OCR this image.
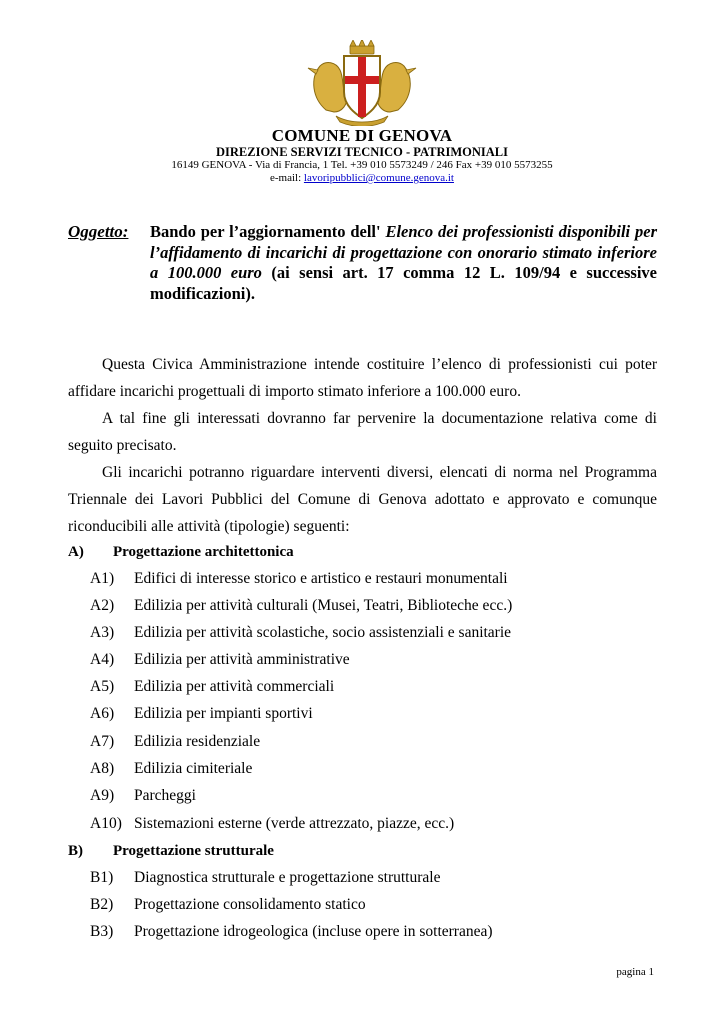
COMUNE DI GENOVA
DIREZIONE SERVIZI TECNICO - PATRIMONIALI
16149 GENOVA - Via di Francia, 1 Tel. +39 010 5573249 / 246 Fax +39 010 5573255
e-mail: lavoripubblici@comune.genova.it
Oggetto: Bando per l’aggiornamento dell' Elenco dei professionisti disponibili per l’affidamento di incarichi di progettazione con onorario stimato inferiore a 100.000 euro (ai sensi art. 17 comma 12 L. 109/94 e successive modificazioni).
Questa Civica Amministrazione intende costituire l’elenco di professionisti cui poter affidare incarichi progettuali di importo stimato inferiore a 100.000 euro.
A tal fine gli interessati dovranno far pervenire la documentazione relativa come di seguito precisato.
Gli incarichi potranno riguardare interventi diversi, elencati di norma nel Programma Triennale dei Lavori Pubblici del Comune di Genova adottato e approvato e comunque riconducibili alle attività (tipologie) seguenti:
A) Progettazione architettonica
A1) Edifici di interesse storico e artistico e restauri monumentali
A2) Edilizia per attività culturali (Musei, Teatri, Biblioteche ecc.)
A3) Edilizia per attività scolastiche, socio assistenziali e sanitarie
A4) Edilizia per attività amministrative
A5) Edilizia per attività commerciali
A6) Edilizia per impianti sportivi
A7) Edilizia residenziale
A8) Edilizia cimiteriale
A9) Parcheggi
A10) Sistemazioni esterne (verde attrezzato, piazze, ecc.)
B) Progettazione strutturale
B1) Diagnostica strutturale e progettazione strutturale
B2) Progettazione consolidamento statico
B3) Progettazione idrogeologica (incluse opere in sotterranea)
pagina 1
